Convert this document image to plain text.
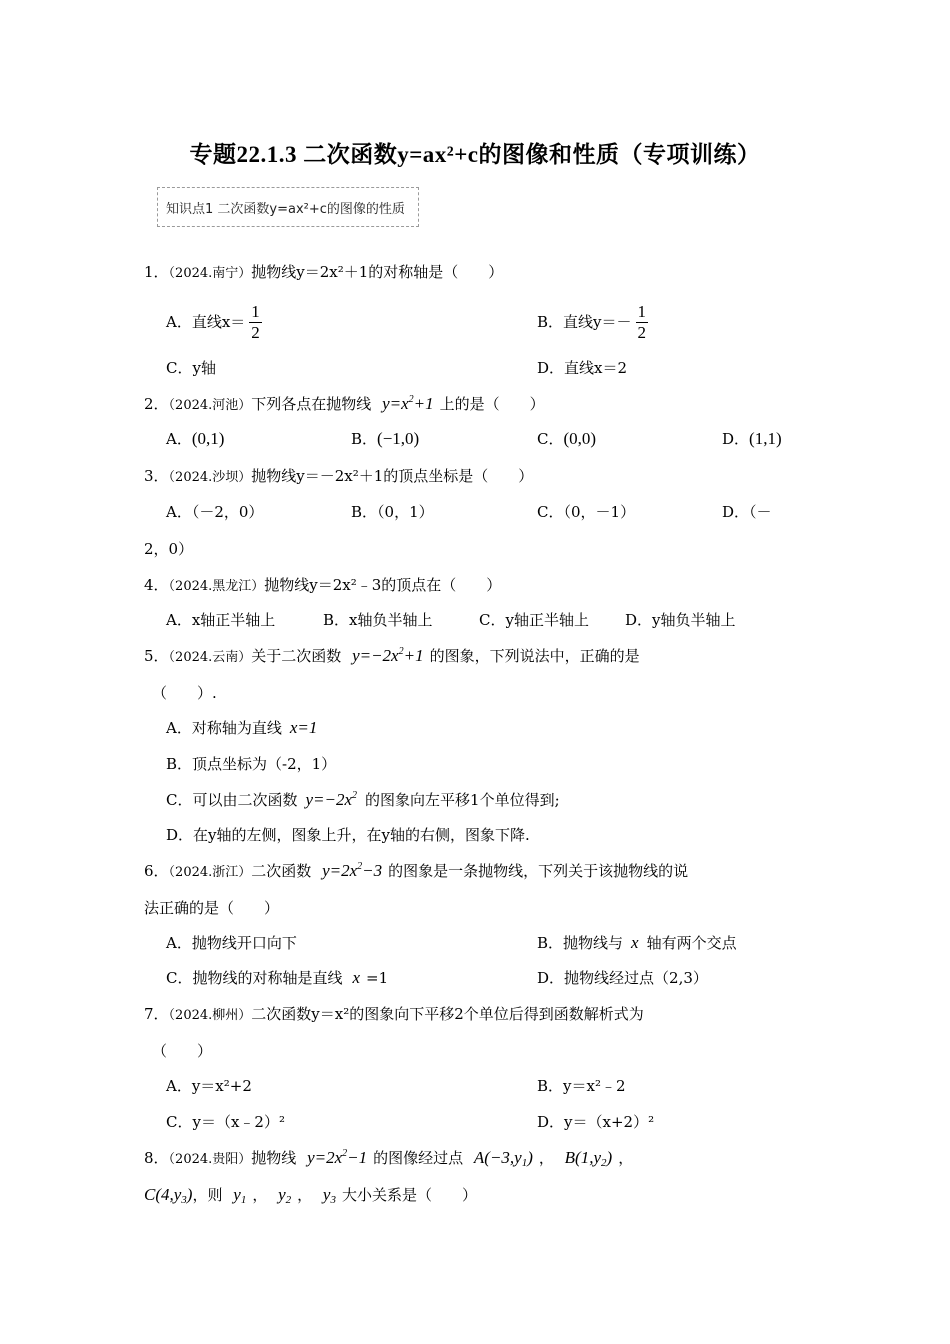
专题22.1.3 二次函数y=ax²+c的图像和性质（专项训练）
知识点1 二次函数y=ax²+c的图像的性质
1．（2024.南宁）抛物线y＝2x²＋1的对称轴是（　　）
A．直线$x= \frac{1}{2}$	B．直线$y=- \frac{1}{2}$
C．y轴	D．直线x＝2
2．（2024.河池）下列各点在抛物线 $y=x^2+1$ 上的是（　　）
A．(0,1)	B．(−1,0)	C．(0,0)	D．(1,1)
3．（2024.沙坝）抛物线y＝－2x²＋1的顶点坐标是（　　）
A．（－2，0）	B．（0，1）	C．（0，－1）	D．（－
2，0）
4．（2024.黑龙江）抛物线y＝2x²﹣3的顶点在（　　）
A．x轴正半轴上	B．x轴负半轴上	C．y轴正半轴上 D．y轴负半轴上
5．（2024.云南）关于二次函数 $y=-2x^2+1$ 的图象，下列说法中，正确的是
（　　）.
A．对称轴为直线 x=1
B．顶点坐标为（-2，1）
C．可以由二次函数 $y=-2x^2$ 的图象向左平移1个单位得到;
D．在y轴的左侧，图象上升，在y轴的右侧，图象下降.
6．（2024.浙江）二次函数 $y=2x^2-3$ 的图象是一条抛物线，下列关于该抛物线的说
法正确的是（　　）
A．抛物线开口向下	B．抛物线与 x 轴有两个交点
C．抛物线的对称轴是直线 x =1	D．抛物线经过点（2,3）
7．（2024.柳州）二次函数y＝x²的图象向下平移2个单位后得到函数解析式为
（　　）
A．y＝x²+2	B．y＝x²﹣2
C．y＝（x﹣2）²	D．y＝（x+2）²
8．（2024.贵阳）抛物线 $y=2x^2-1$ 的图像经过点 $A(-3,y_1)$ ， $B(1,y_2)$ ，
$C(4,y_3)$，则 $y_1$ ， $y_2$ ， $y_3$ 大小关系是（　　）
